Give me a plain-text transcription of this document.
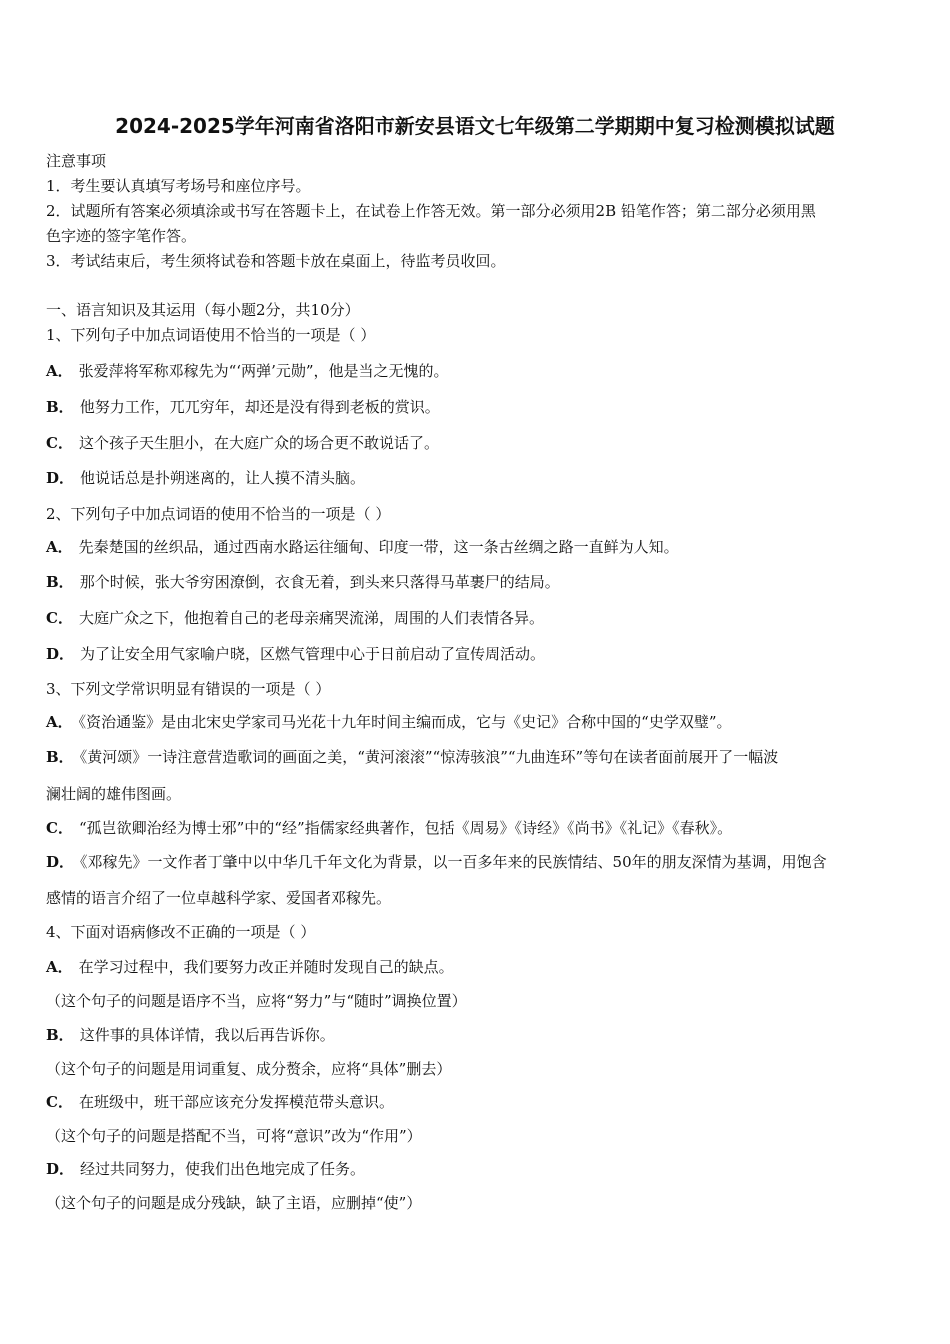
2024-2025学年河南省洛阳市新安县语文七年级第二学期期中复习检测模拟试题
注意事项
1．考生要认真填写考场号和座位序号。
2．试题所有答案必须填涂或书写在答题卡上，在试卷上作答无效。第一部分必须用2B 铅笔作答；第二部分必须用黑
色字迹的签字笔作答。
3．考试结束后，考生须将试卷和答题卡放在桌面上，待监考员收回。
一、语言知识及其运用（每小题2分，共10分）
1、下列句子中加点词语使用不恰当的一项是（ ）
A． 张爱萍将军称邓稼先为“‘两弹’元勋”，他是当之无愧的。
B． 他努力工作，兀兀穷年，却还是没有得到老板的赏识。
C． 这个孩子天生胆小，在大庭广众的场合更不敢说话了。
D． 他说话总是扑朔迷离的，让人摸不清头脑。
2、下列句子中加点词语的使用不恰当的一项是（ ）
A． 先秦楚国的丝织品，通过西南水路运往缅甸、印度一带，这一条古丝绸之路一直鲜为人知。
B． 那个时候，张大爷穷困潦倒，衣食无着，到头来只落得马革裹尸的结局。
C． 大庭广众之下，他抱着自己的老母亲痛哭流涕，周围的人们表情各异。
D． 为了让安全用气家喻户晓，区燃气管理中心于日前启动了宣传周活动。
3、下列文学常识明显有错误的一项是（ ）
A． 《资治通鉴》是由北宋史学家司马光花十九年时间主编而成，它与《史记》合称中国的“史学双璧”。
B． 《黄河颂》一诗注意营造歌词的画面之美，“黄河滚滚”“惊涛骇浪”“九曲连环”等句在读者面前展开了一幅波
澜壮阔的雄伟图画。
C． “孤岂欲卿治经为博士邪”中的“经”指儒家经典著作，包括《周易》《诗经》《尚书》《礼记》《春秋》。
D． 《邓稼先》一文作者丁肇中以中华几千年文化为背景，以一百多年来的民族情结、50年的朋友深情为基调，用饱含
感情的语言介绍了一位卓越科学家、爱国者邓稼先。
4、下面对语病修改不正确的一项是（ ）
A． 在学习过程中，我们要努力改正并随时发现自己的缺点。
（这个句子的问题是语序不当，应将“努力”与“随时”调换位置）
B． 这件事的具体详情，我以后再告诉你。
（这个句子的问题是用词重复、成分赘余，应将“具体”删去）
C． 在班级中，班干部应该充分发挥模范带头意识。
（这个句子的问题是搭配不当，可将“意识”改为“作用”）
D． 经过共同努力，使我们出色地完成了任务。
（这个句子的问题是成分残缺，缺了主语，应删掉“使”）
